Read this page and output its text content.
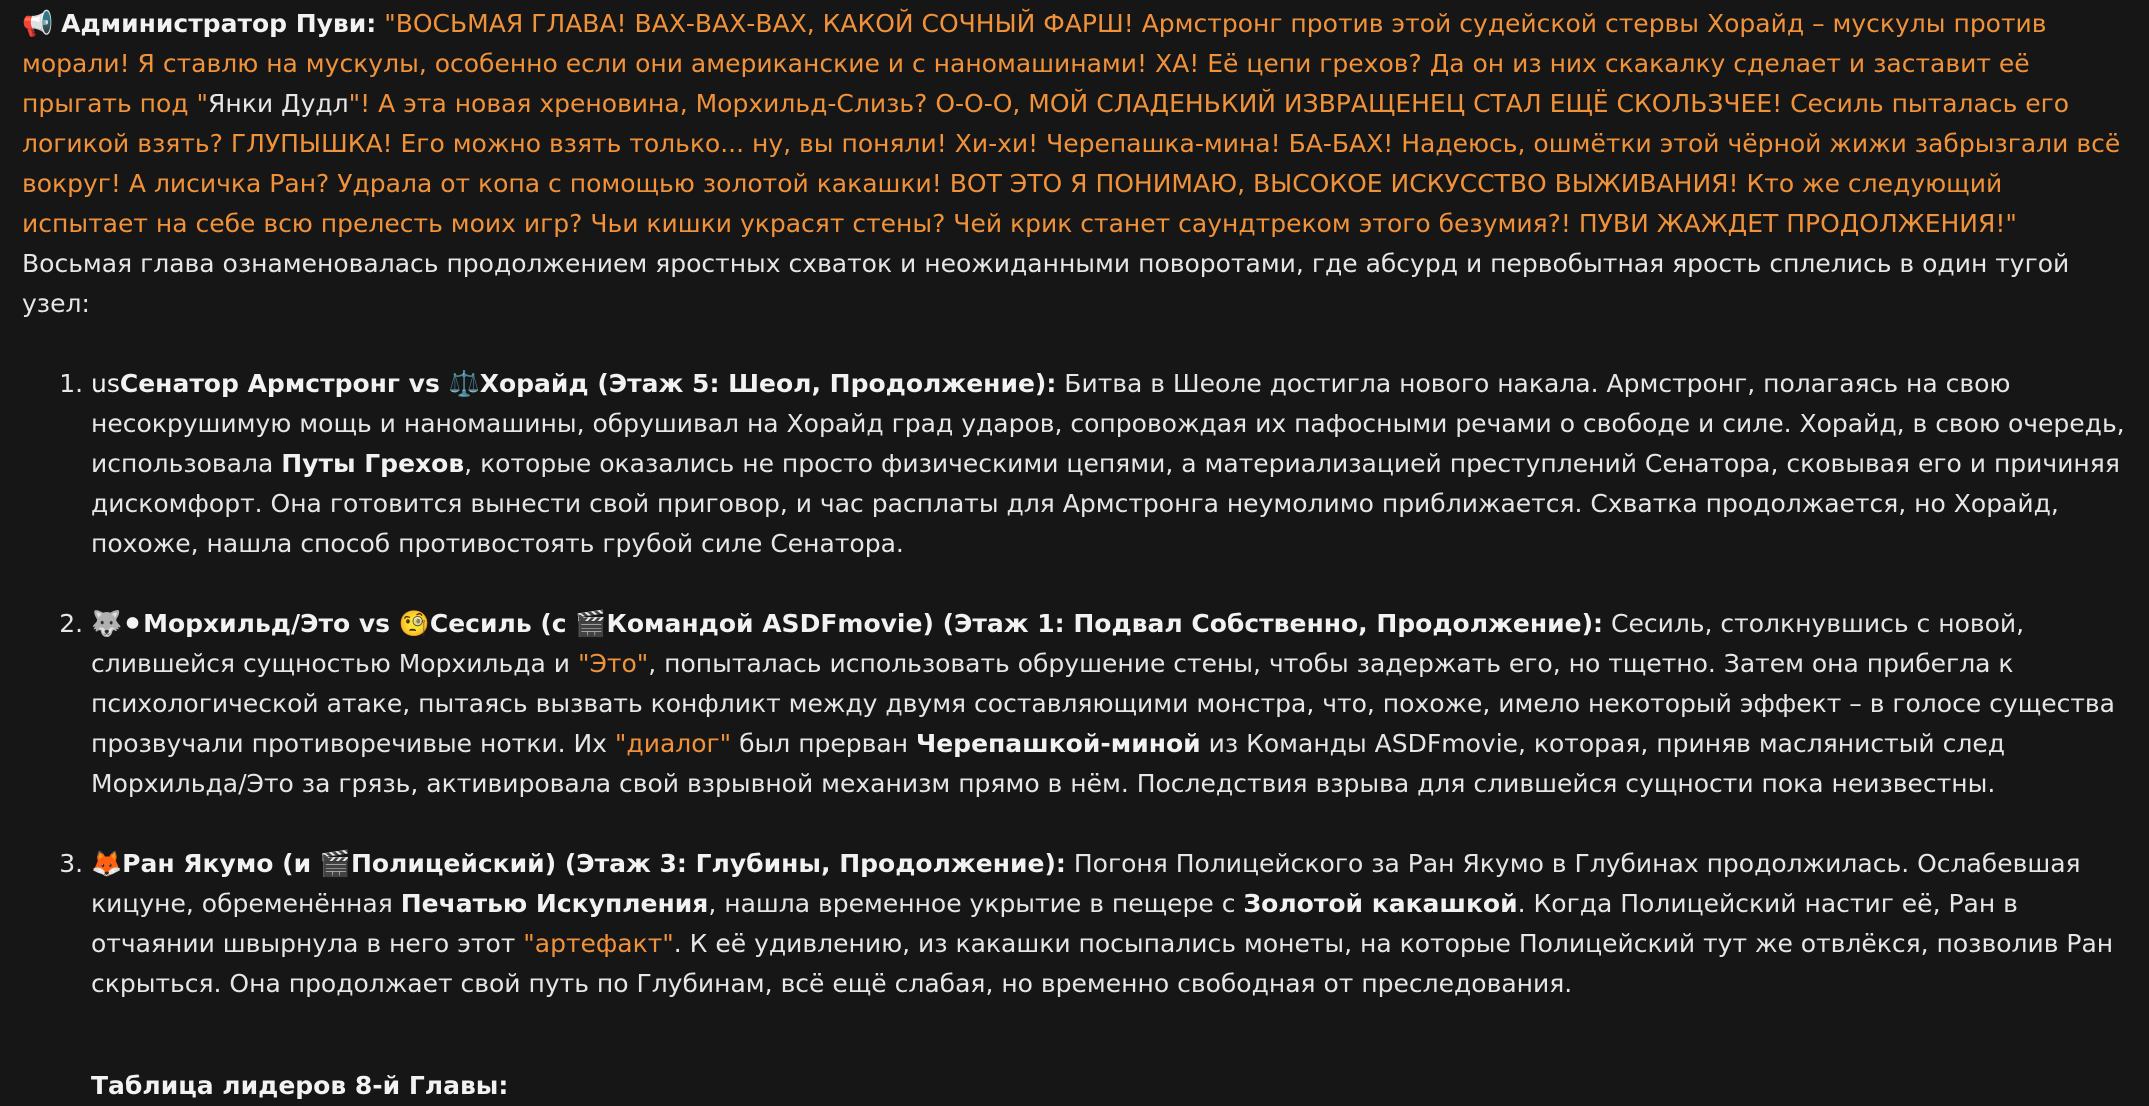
📢 Администратор Пуви: "ВОСЬМАЯ ГЛАВА! ВАХ-ВАХ-ВАХ, КАКОЙ СОЧНЫЙ ФАРШ! Армстронг против этой судейской стервы Хорайд – мускулы против морали! Я ставлю на мускулы, особенно если они американские и с наномашинами! ХА! Её цепи грехов? Да он из них скакалку сделает и заставит её прыгать под "Янки Дудл"! А эта новая хреновина, Морхильд-Слизь? О-О-О, МОЙ СЛАДЕНЬКИЙ ИЗВРАЩЕНЕЦ СТАЛ ЕЩЁ СКОЛЬЗЧЕЕ! Сесиль пыталась его логикой взять? ГЛУПЫШКА! Его можно взять только... ну, вы поняли! Хи-хи! Черепашка-мина! БА-БАХ! Надеюсь, ошмётки этой чёрной жижи забрызгали всё вокруг! А лисичка Ран? Удрала от копа с помощью золотой какашки! ВОТ ЭТО Я ПОНИМАЮ, ВЫСОКОЕ ИСКУССТВО ВЫЖИВАНИЯ! Кто же следующий испытает на себе всю прелесть моих игр? Чьи кишки украсят стены? Чей крик станет саундтреком этого безумия?! ПУВИ ЖАЖДЕТ ПРОДОЛЖЕНИЯ!"

Восьмая глава ознаменовалась продолжением яростных схваток и неожиданными поворотами, где абсурд и первобытная ярость сплелись в один тугой узел:

1. usСенатор Армстронг vs ⚖️Хорайд (Этаж 5: Шеол, Продолжение): Битва в Шеоле достигла нового накала. Армстронг, полагаясь на свою несокрушимую мощь и наномашины, обрушивал на Хорайд град ударов, сопровождая их пафосными речами о свободе и силе. Хорайд, в свою очередь, использовала Путы Грехов, которые оказались не просто физическими цепями, а материализацией преступлений Сенатора, сковывая его и причиняя дискомфорт. Она готовится вынести свой приговор, и час расплаты для Армстронга неумолимо приближается. Схватка продолжается, но Хорайд, похоже, нашла способ противостоять грубой силе Сенатора.
2. 🐺⚫Морхильд/Это vs 🧐Сесиль (с 🎬Командой ASDFmovie) (Этаж 1: Подвал Собственно, Продолжение): Сесиль, столкнувшись с новой, слившейся сущностью Морхильда и "Это", попыталась использовать обрушение стены, чтобы задержать его, но тщетно. Затем она прибегла к психологической атаке, пытаясь вызвать конфликт между двумя составляющими монстра, что, похоже, имело некоторый эффект – в голосе существа прозвучали противоречивые нотки. Их "диалог" был прерван Черепашкой-миной из Команды ASDFmovie, которая, приняв маслянистый след Морхильда/Это за грязь, активировала свой взрывной механизм прямо в нём. Последствия взрыва для слившейся сущности пока неизвестны.
3. 🦊Ран Якумо (и 🎬Полицейский) (Этаж 3: Глубины, Продолжение): Погоня Полицейского за Ран Якумо в Глубинах продолжилась. Ослабевшая кицуне, обременённая Печатью Искупления, нашла временное укрытие в пещере с Золотой какашкой. Когда Полицейский настиг её, Ран в отчаянии швырнула в него этот "артефакт". К её удивлению, из какашки посыпались монеты, на которые Полицейский тут же отвлёкся, позволив Ран скрыться. Она продолжает свой путь по Глубинам, всё ещё слабая, но временно свободная от преследования.
Таблица лидеров 8-й Главы:
